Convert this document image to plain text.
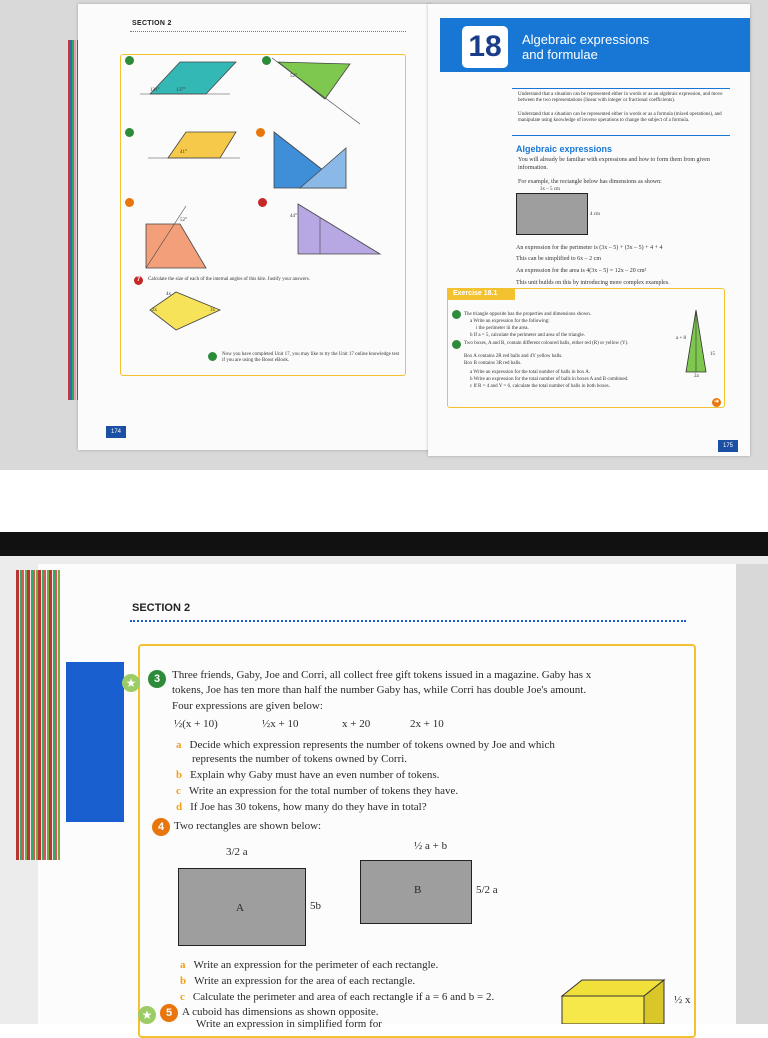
SECTION 2
131°	137°
52°
41°
52°
44°
4x
2x	3x
7	Calculate the size of each of the internal angles of this kite. Justify your answers.
Now you have completed Unit 17, you may like to try the Unit 17 online knowledge test if you are using the Boost eBook.
174
18	Algebraic expressions
and formulae
Understand that a situation can be represented either in words or as an algebraic expression, and move between the two representations (linear with integer or fractional coefficients).
Understand that a situation can be represented either in words or as a formula (mixed operations), and manipulate using knowledge of inverse operations to change the subject of a formula.
Algebraic expressions
You will already be familiar with expressions and how to form them from given information.
For example, the rectangle below has dimensions as shown:
3x – 5 cm
4 cm
An expression for the perimeter is (3x – 5) + (3x – 5) + 4 + 4
This can be simplified to 6x – 2 cm
An expression for the area is 4(3x – 5) = 12x – 20 cm²
This unit builds on this by introducing more complex examples.
Exercise 18.1
The triangle opposite has the properties and dimensions shown.
a Write an expression for the following:
i the perimeter iii the area.
b If a = 5, calculate the perimeter and area of the triangle.
Two boxes, A and B, contain different coloured balls, either red (R) or yellow (Y).
Box A contains 2R red balls and 4Y yellow balls.
Box B contains 3R red balls.
a Write an expression for the total number of balls in box A.
b Write an expression for the total number of balls in boxes A and B combined.
c If R = 4 and Y = 6, calculate the total number of balls in both boxes.
a + 8
15
2a
➜
175
SECTION 2
★	3	Three friends, Gaby, Joe and Corri, all collect free gift tokens issued in a magazine. Gaby has x
tokens, Joe has ten more than half the number Gaby has, while Corri has double Joe's amount.
Four expressions are given below:
½(x + 10)	½x + 10	x + 20	2x + 10
a Decide which expression represents the number of tokens owned by Joe and which
represents the number of tokens owned by Corri.
b Explain why Gaby must have an even number of tokens.
c Write an expression for the total number of tokens they have.
d If Joe has 30 tokens, how many do they have in total?
4 Two rectangles are shown below:
3/2 a
A	5b
½ a + b
B	5/2 a
a Write an expression for the perimeter of each rectangle.
b Write an expression for the area of each rectangle.
c Calculate the perimeter and area of each rectangle if a = 6 and b = 2.
★	5 A cuboid has dimensions as shown opposite.
Write an expression in simplified form for
½ x
